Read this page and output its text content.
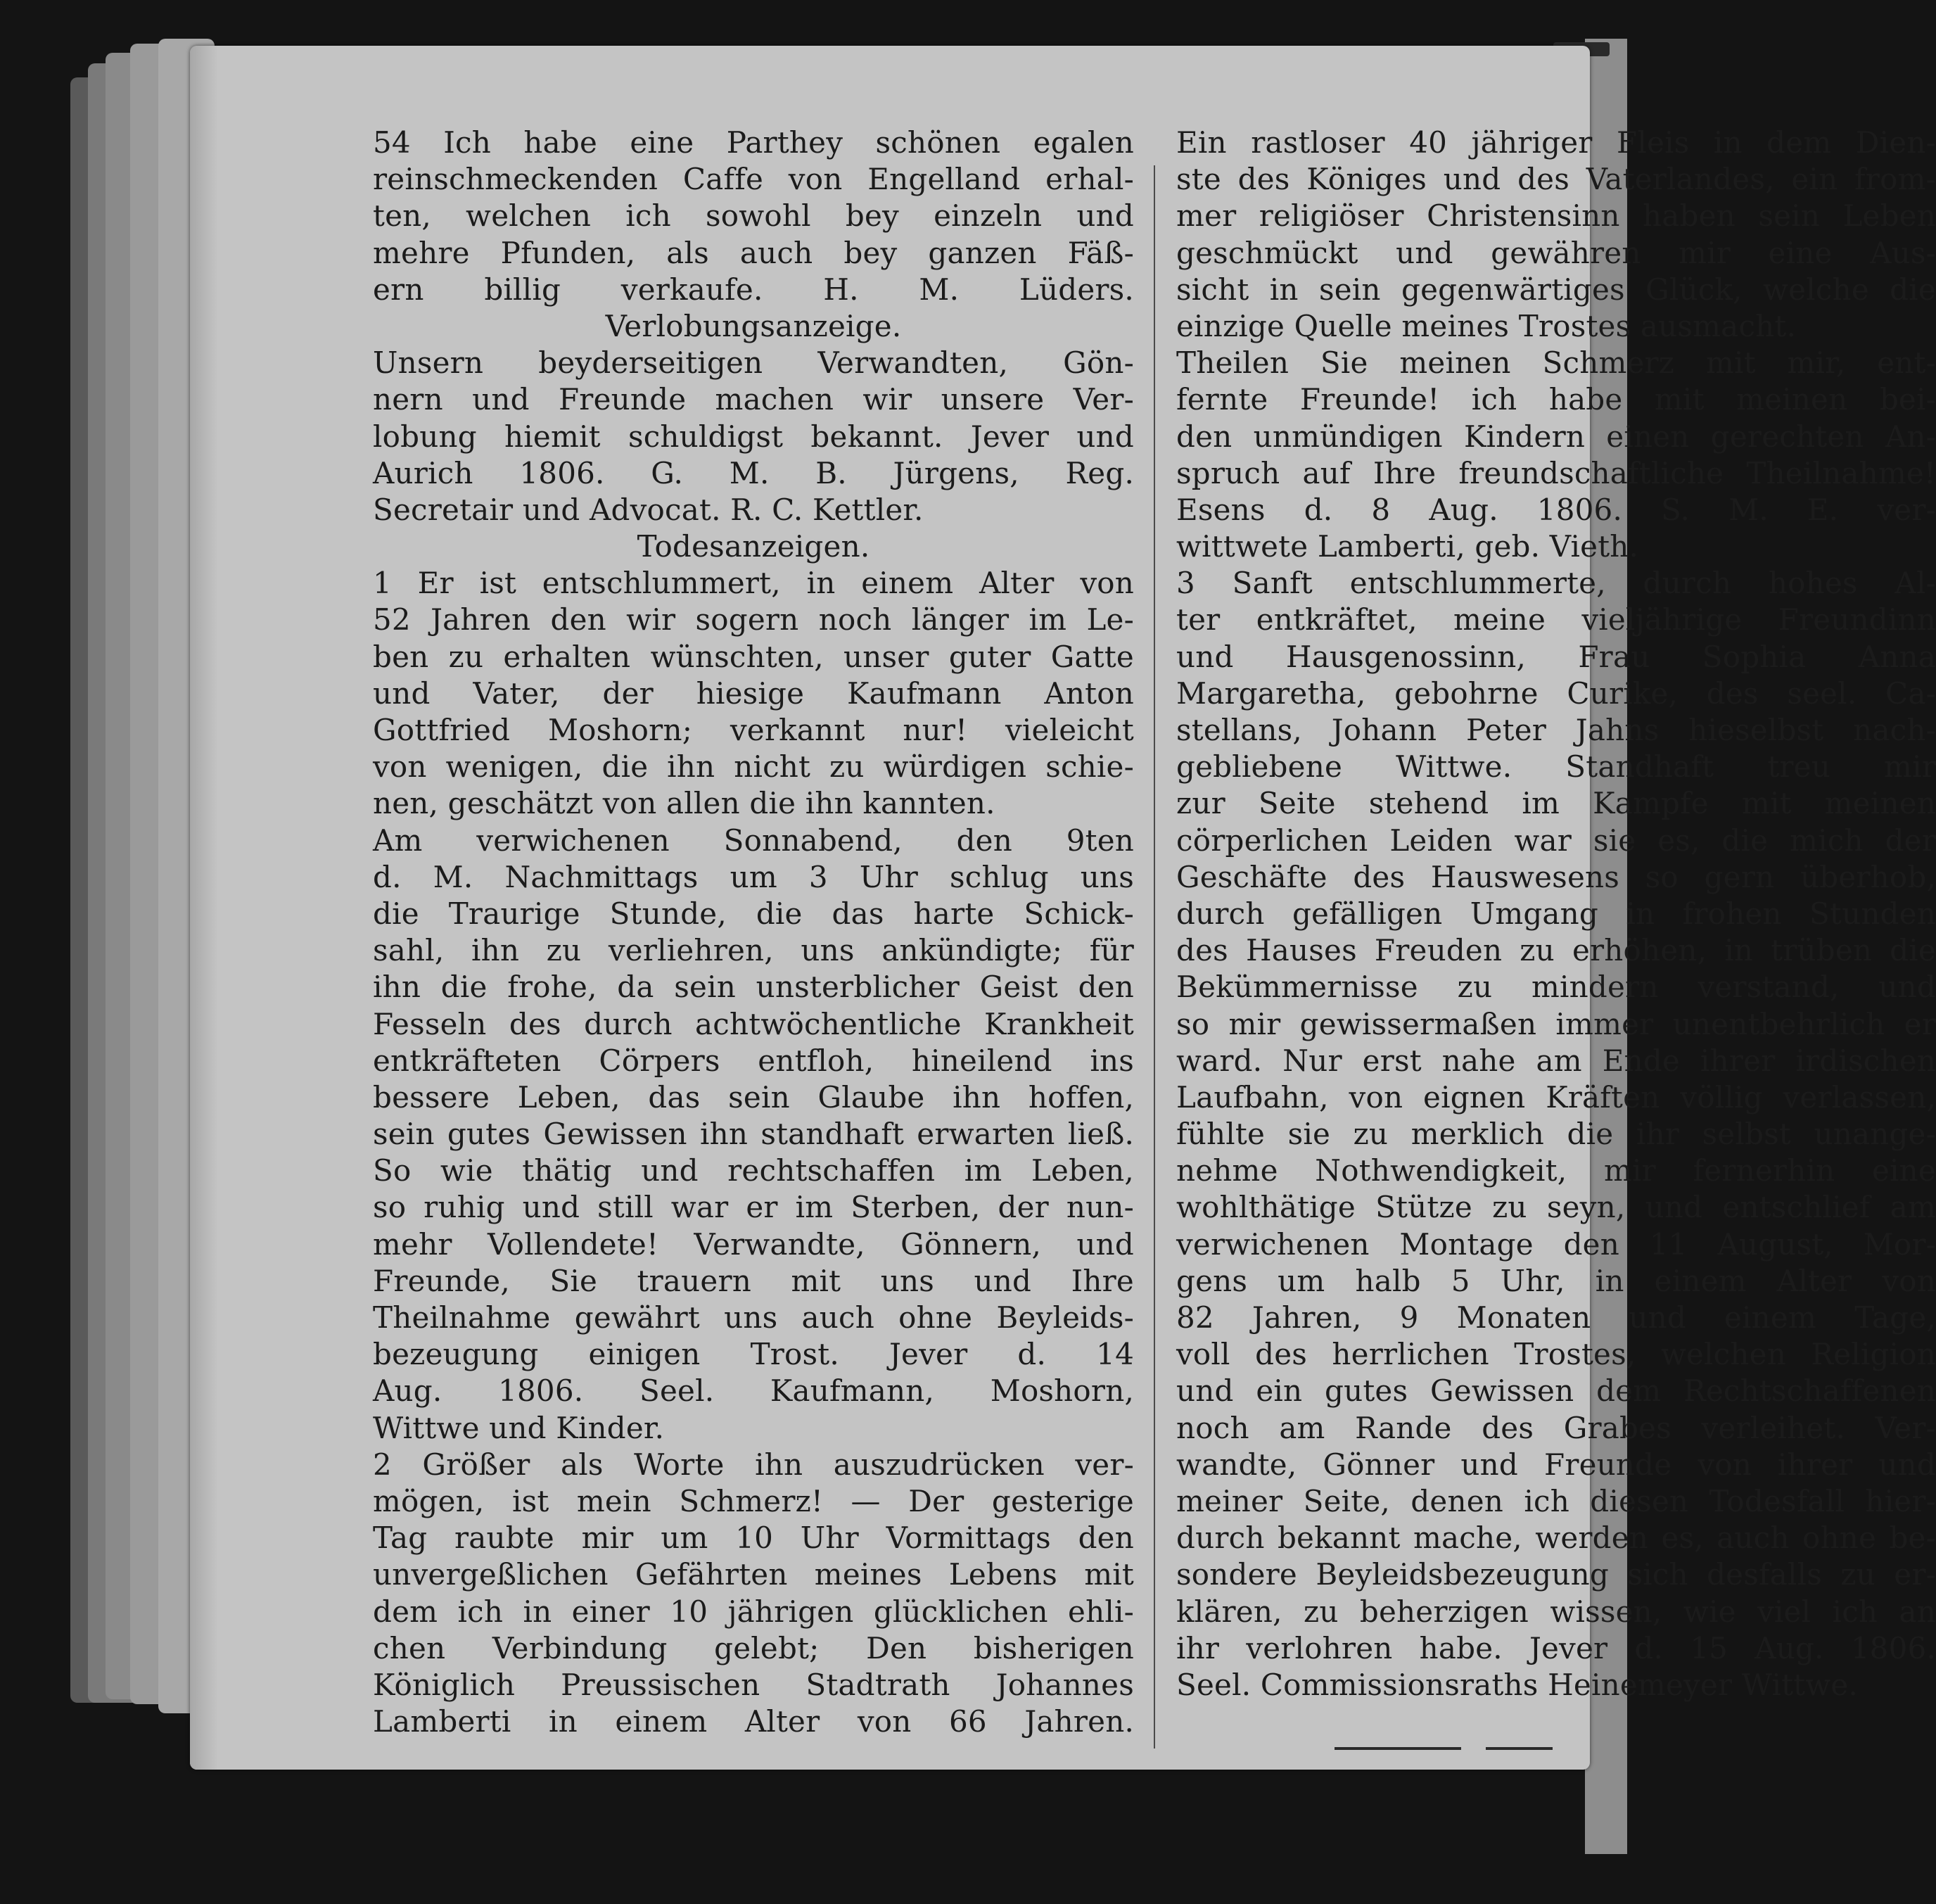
54 Ich habe eine Parthey schönen egalen
reinschmeckenden Caffe von Engelland erhal-
ten, welchen ich sowohl bey einzeln und
mehre Pfunden, als auch bey ganzen Fäß-
ern billig verkaufe. H. M. Lüders.
Verlobungsanzeige.
Unsern beyderseitigen Verwandten, Gön-
nern und Freunde machen wir unsere Ver-
lobung hiemit schuldigst bekannt. Jever und
Aurich 1806. G. M. B. Jürgens, Reg.
Secretair und Advocat. R. C. Kettler.
Todesanzeigen.
1 Er ist entschlummert, in einem Alter von
52 Jahren den wir sogern noch länger im Le-
ben zu erhalten wünschten, unser guter Gatte
und Vater, der hiesige Kaufmann Anton
Gottfried Moshorn; verkannt nur! vieleicht
von wenigen, die ihn nicht zu würdigen schie-
nen, geschätzt von allen die ihn kannten.
Am verwichenen Sonnabend, den 9ten
d. M. Nachmittags um 3 Uhr schlug uns
die Traurige Stunde, die das harte Schick-
sahl, ihn zu verliehren, uns ankündigte; für
ihn die frohe, da sein unsterblicher Geist den
Fesseln des durch achtwöchentliche Krankheit
entkräfteten Cörpers entfloh, hineilend ins
bessere Leben, das sein Glaube ihn hoffen,
sein gutes Gewissen ihn standhaft erwarten ließ.
So wie thätig und rechtschaffen im Leben,
so ruhig und still war er im Sterben, der nun-
mehr Vollendete! Verwandte, Gönnern, und
Freunde, Sie trauern mit uns und Ihre
Theilnahme gewährt uns auch ohne Beyleids-
bezeugung einigen Trost. Jever d. 14
Aug. 1806. Seel. Kaufmann, Moshorn,
Wittwe und Kinder.
2 Größer als Worte ihn auszudrücken ver-
mögen, ist mein Schmerz! — Der gesterige
Tag raubte mir um 10 Uhr Vormittags den
unvergeßlichen Gefährten meines Lebens mit
dem ich in einer 10 jährigen glücklichen ehli-
chen Verbindung gelebt; Den bisherigen
Königlich Preussischen Stadtrath Johannes
Lamberti in einem Alter von 66 Jahren.
Ein rastloser 40 jähriger Fleis in dem Dien-
ste des Königes und des Vaterlandes, ein from-
mer religiöser Christensinn haben sein Leben
geschmückt und gewähren mir eine Aus-
sicht in sein gegenwärtiges Glück, welche die
einzige Quelle meines Trostes ausmacht.
Theilen Sie meinen Schmerz mit mir, ent-
fernte Freunde! ich habe mit meinen bei-
den unmündigen Kindern einen gerechten An-
spruch auf Ihre freundschaftliche Theilnahme!
Esens d. 8 Aug. 1806. S. M. E. ver-
wittwete Lamberti, geb. Vieth.
3 Sanft entschlummerte, durch hohes Al-
ter entkräftet, meine vieljährige Freundinn
und Hausgenossinn, Frau Sophia Anna
Margaretha, gebohrne Curike, des seel. Ca-
stellans, Johann Peter Jahns hieselbst nach-
gebliebene Wittwe. Standhaft treu mir
zur Seite stehend im Kampfe mit meinen
cörperlichen Leiden war sie es, die mich der
Geschäfte des Hauswesens so gern überhob,
durch gefälligen Umgang in frohen Stunden
des Hauses Freuden zu erhöhen, in trüben die
Bekümmernisse zu mindern verstand, und
so mir gewissermaßen immer unentbehrlich er
ward. Nur erst nahe am Ende ihrer irdischen
Laufbahn, von eignen Kräften völlig verlassen,
fühlte sie zu merklich die ihr selbst unange-
nehme Nothwendigkeit, mir fernerhin eine
wohlthätige Stütze zu seyn, und entschlief am
verwichenen Montage den 11 August, Mor-
gens um halb 5 Uhr, in einem Alter von
82 Jahren, 9 Monaten und einem Tage,
voll des herrlichen Trostes, welchen Religion
und ein gutes Gewissen dem Rechtschaffenen
noch am Rande des Grabes verleihet. Ver-
wandte, Gönner und Freunde von ihrer und
meiner Seite, denen ich diesen Todesfall hier-
durch bekannt mache, werden es, auch ohne be-
sondere Beyleidsbezeugung sich desfalls zu er-
klären, zu beherzigen wissen, wie viel ich an
ihr verlohren habe. Jever d. 15 Aug. 1806.
Seel. Commissionsraths Heinemeyer Wittwe.
